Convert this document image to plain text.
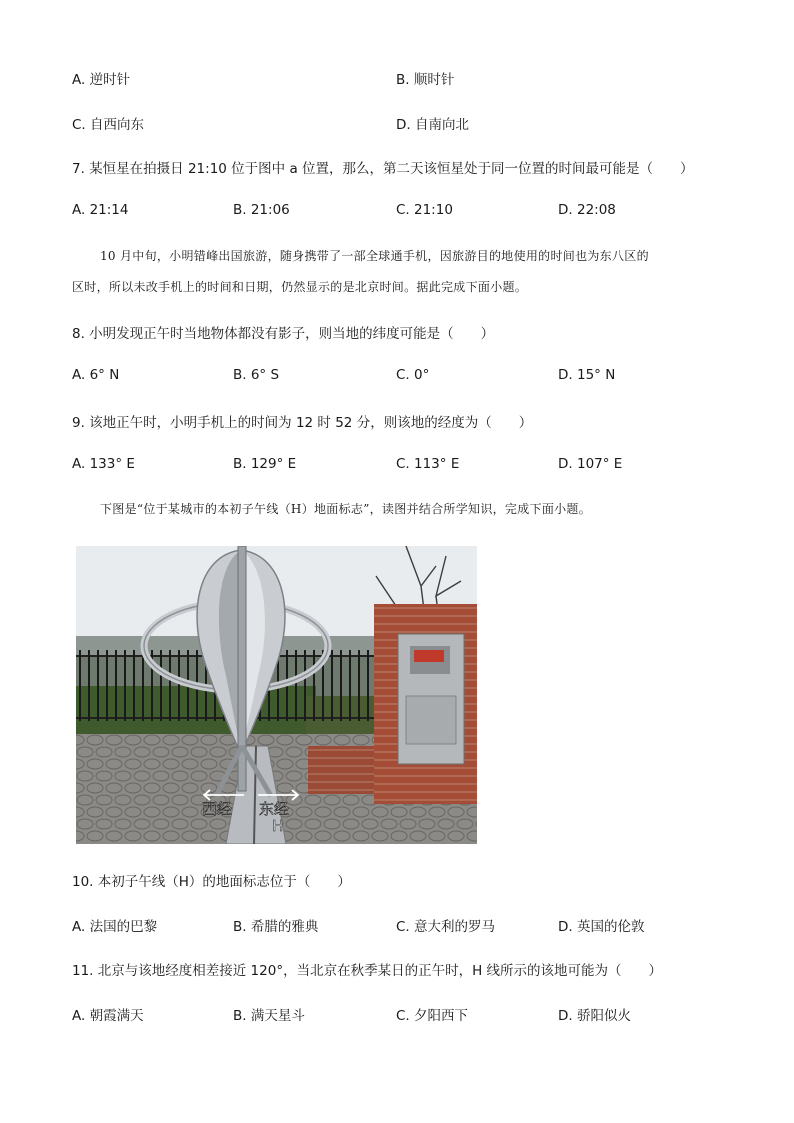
A. 逆时针	B. 顺时针
C. 自西向东	D. 自南向北
7. 某恒星在拍摄日 21:10 位于图中 a 位置，那么，第二天该恒星处于同一位置的时间最可能是（　　）
A. 21:14	B. 21:06	C. 21:10	D. 22:08
10 月中旬，小明错峰出国旅游，随身携带了一部全球通手机，因旅游目的地使用的时间也为东八区的
区时，所以未改手机上的时间和日期，仍然显示的是北京时间。据此完成下面小题。
8. 小明发现正午时当地物体都没有影子，则当地的纬度可能是（　　）
A. 6° N	B. 6° S	C. 0°	D. 15° N
9. 该地正午时，小明手机上的时间为 12 时 52 分，则该地的经度为（　　）
A. 133° E	B. 129° E	C. 113° E	D. 107° E
下图是“位于某城市的本初子午线（H）地面标志”，读图并结合所学知识，完成下面小题。
西经 东经
H
10. 本初子午线（H）的地面标志位于（　　）
A. 法国的巴黎	B. 希腊的雅典	C. 意大利的罗马	D. 英国的伦敦
11. 北京与该地经度相差接近 120°，当北京在秋季某日的正午时，H 线所示的该地可能为（　　）
A. 朝霞满天	B. 满天星斗	C. 夕阳西下	D. 骄阳似火
